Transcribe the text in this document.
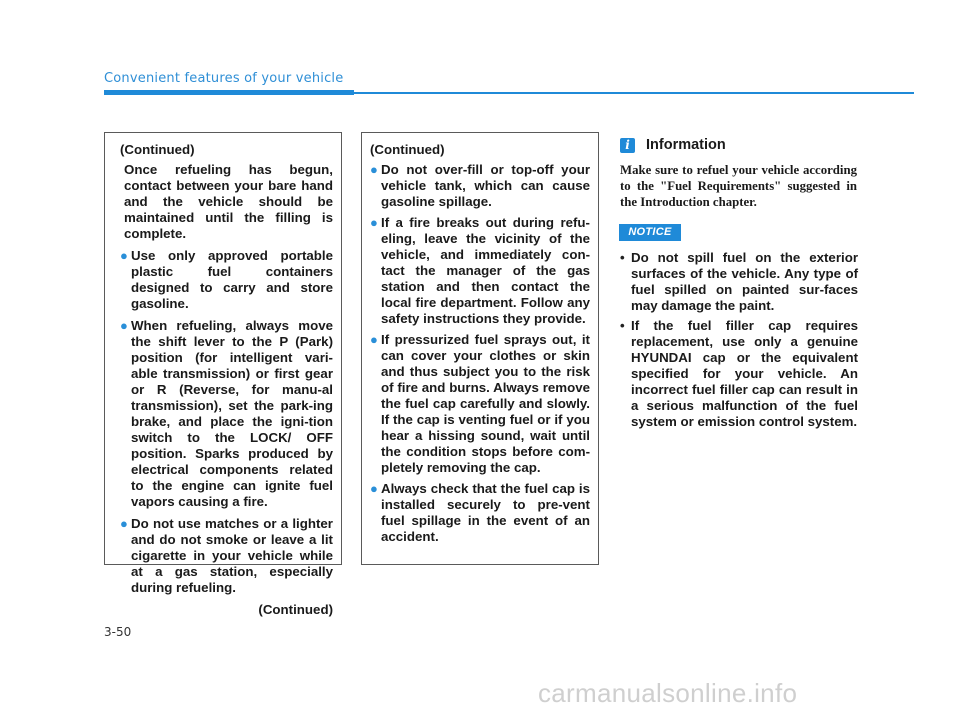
Convenient features of your vehicle
(Continued)
Once refueling has begun, contact between your bare hand and the vehicle should be maintained until the filling is complete.
● Use only approved portable plastic fuel containers designed to carry and store gasoline.
● When refueling, always move the shift lever to the P (Park) position (for intelligent vari-able transmission) or first gear or R (Reverse, for manu-al transmission), set the park-ing brake, and place the igni-tion switch to the LOCK/ OFF position. Sparks produced by electrical components related to the engine can ignite fuel vapors causing a fire.
● Do not use matches or a lighter and do not smoke or leave a lit cigarette in your vehicle while at a gas station, especially during refueling.
(Continued)
(Continued)
● Do not over-fill or top-off your vehicle tank, which can cause gasoline spillage.
● If a fire breaks out during refu-eling, leave the vicinity of the vehicle, and immediately con-tact the manager of the gas station and then contact the local fire department. Follow any safety instructions they provide.
● If pressurized fuel sprays out, it can cover your clothes or skin and thus subject you to the risk of fire and burns. Always remove the fuel cap carefully and slowly. If the cap is venting fuel or if you hear a hissing sound, wait until the condition stops before com-pletely removing the cap.
● Always check that the fuel cap is installed securely to pre-vent fuel spillage in the event of an accident.
i	Information
Make sure to refuel your vehicle according to the "Fuel Requirements" suggested in the Introduction chapter.
NOTICE
• Do not spill fuel on the exterior surfaces of the vehicle. Any type of fuel spilled on painted sur-faces may damage the paint.
• If the fuel filler cap requires replacement, use only a genuine HYUNDAI cap or the equivalent specified for your vehicle. An incorrect fuel filler cap can result in a serious malfunction of the fuel system or emission control system.
3-50
carmanualsonline.info
